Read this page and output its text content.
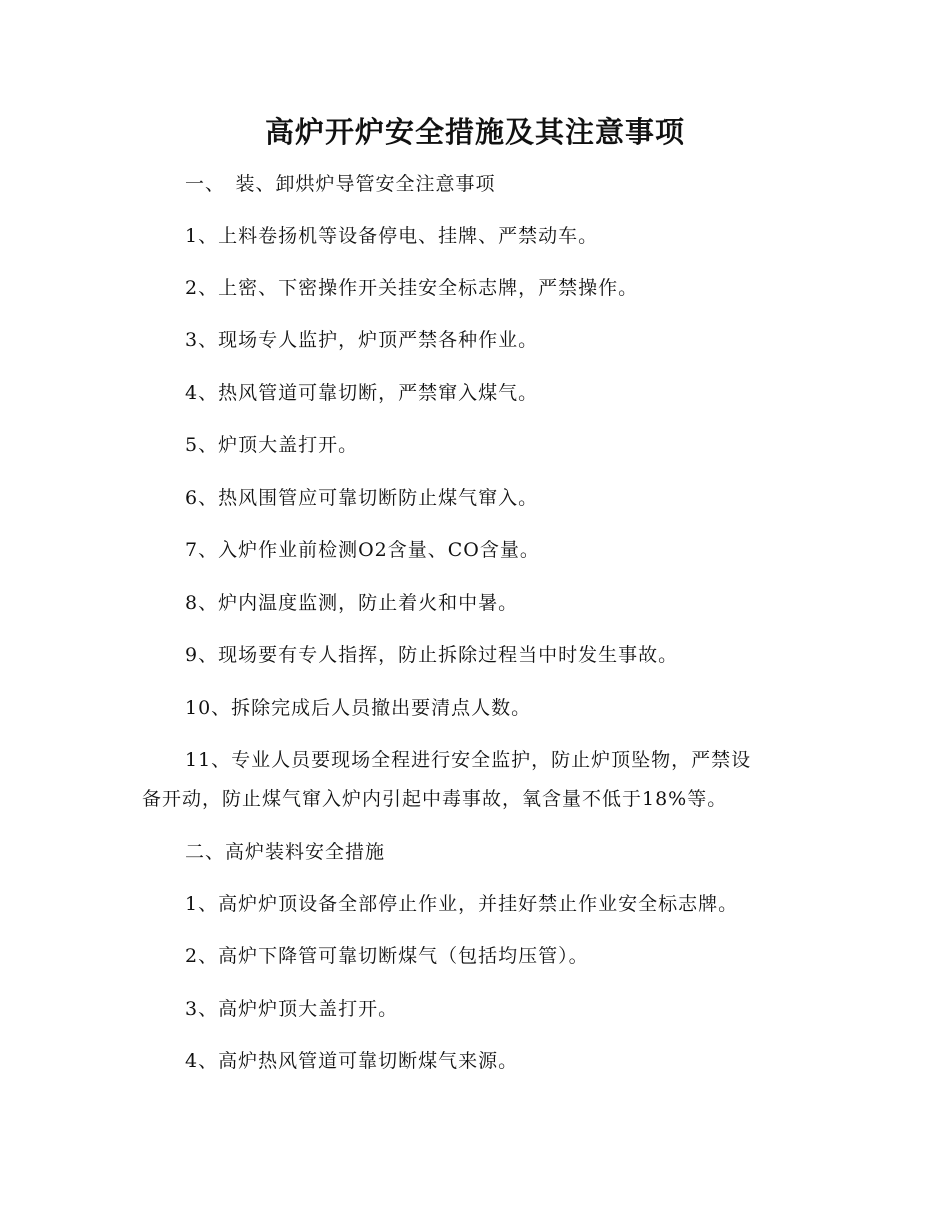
高炉开炉安全措施及其注意事项

一、　装、卸烘炉导管安全注意事项

1、上料卷扬机等设备停电、挂牌、严禁动车。

2、上密、下密操作开关挂安全标志牌，严禁操作。

3、现场专人监护，炉顶严禁各种作业。

4、热风管道可靠切断，严禁窜入煤气。

5、炉顶大盖打开。

6、热风围管应可靠切断防止煤气窜入。

7、入炉作业前检测O2含量、CO含量。

8、炉内温度监测，防止着火和中暑。

9、现场要有专人指挥，防止拆除过程当中时发生事故。

10、拆除完成后人员撤出要清点人数。

11、专业人员要现场全程进行安全监护，防止炉顶坠物，严禁设

备开动，防止煤气窜入炉内引起中毒事故，氧含量不低于18%等。

二、高炉装料安全措施

1、高炉炉顶设备全部停止作业，并挂好禁止作业安全标志牌。

2、高炉下降管可靠切断煤气（包括均压管）。

3、高炉炉顶大盖打开。

4、高炉热风管道可靠切断煤气来源。
